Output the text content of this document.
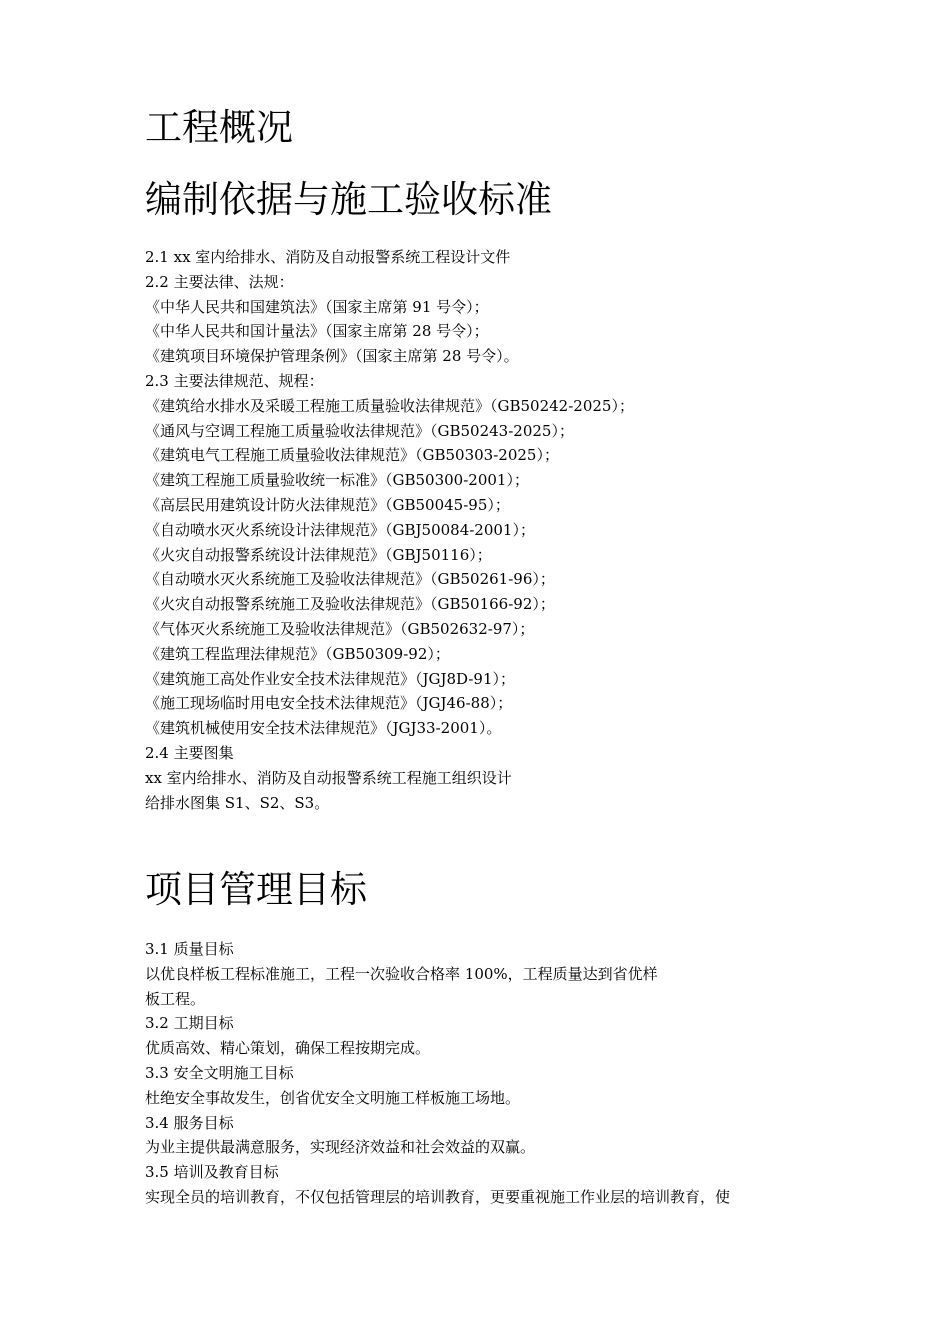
工程概况
编制依据与施工验收标准
2.1 xx 室内给排水、消防及自动报警系统工程设计文件
2.2 主要法律、法规：
《中华人民共和国建筑法》（国家主席第 91 号令）；
《中华人民共和国计量法》（国家主席第 28 号令）；
《建筑项目环境保护管理条例》（国家主席第 28 号令）。
2.3 主要法律规范、规程：
《建筑给水排水及采暖工程施工质量验收法律规范》（GB50242-2025）；
《通风与空调工程施工质量验收法律规范》（GB50243-2025）；
《建筑电气工程施工质量验收法律规范》（GB50303-2025）；
《建筑工程施工质量验收统一标准》（GB50300-2001）；
《高层民用建筑设计防火法律规范》（GB50045-95）；
《自动喷水灭火系统设计法律规范》（GBJ50084-2001）；
《火灾自动报警系统设计法律规范》（GBJ50116）；
《自动喷水灭火系统施工及验收法律规范》（GB50261-96）；
《火灾自动报警系统施工及验收法律规范》（GB50166-92）；
《气体灭火系统施工及验收法律规范》（GB502632-97）；
《建筑工程监理法律规范》（GB50309-92）；
《建筑施工高处作业安全技术法律规范》（JGJ8D-91）；
《施工现场临时用电安全技术法律规范》（JGJ46-88）；
《建筑机械使用安全技术法律规范》（JGJ33-2001）。
2.4 主要图集
xx 室内给排水、消防及自动报警系统工程施工组织设计
给排水图集 S1、S2、S3。
项目管理目标
3.1 质量目标
以优良样板工程标准施工，工程一次验收合格率 100%，工程质量达到省优样
板工程。
3.2 工期目标
优质高效、精心策划，确保工程按期完成。
3.3 安全文明施工目标
杜绝安全事故发生，创省优安全文明施工样板施工场地。
3.4 服务目标
为业主提供最满意服务，实现经济效益和社会效益的双赢。
3.5 培训及教育目标
实现全员的培训教育，不仅包括管理层的培训教育，更要重视施工作业层的培训教育，使
